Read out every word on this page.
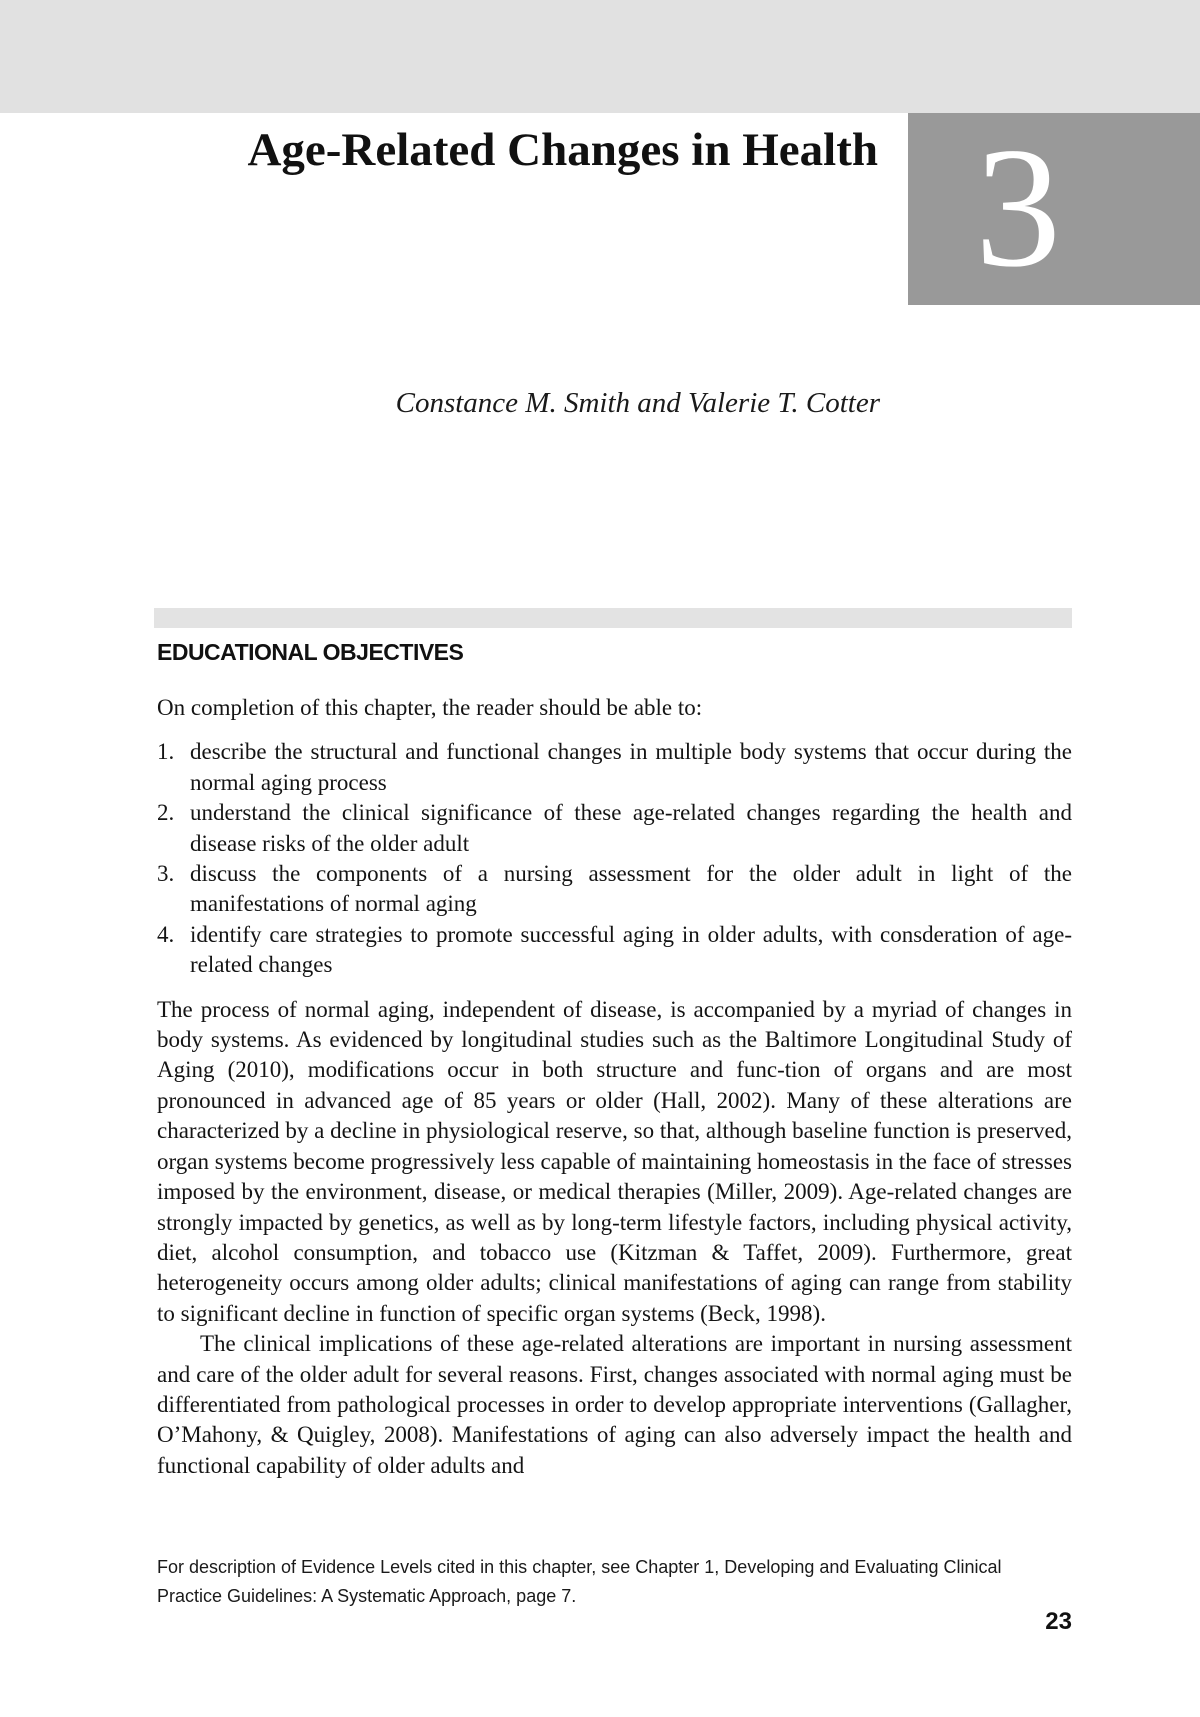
3
Age-Related Changes in Health
Constance M. Smith and Valerie T. Cotter
EDUCATIONAL OBJECTIVES

On completion of this chapter, the reader should be able to:

1. describe the structural and functional changes in multiple body systems that occur during the normal aging process
2. understand the clinical significance of these age-related changes regarding the health and disease risks of the older adult
3. discuss the components of a nursing assessment for the older adult in light of the manifestations of normal aging
4. identify care strategies to promote successful aging in older adults, with consderation of age-related changes

The process of normal aging, independent of disease, is accompanied by a myriad of changes in body systems. As evidenced by longitudinal studies such as the Baltimore Longitudinal Study of Aging (2010), modifications occur in both structure and func-tion of organs and are most pronounced in advanced age of 85 years or older (Hall, 2002). Many of these alterations are characterized by a decline in physiological reserve, so that, although baseline function is preserved, organ systems become progressively less capable of maintaining homeostasis in the face of stresses imposed by the environment, disease, or medical therapies (Miller, 2009). Age-related changes are strongly impacted by genetics, as well as by long-term lifestyle factors, including physical activity, diet, alcohol consumption, and tobacco use (Kitzman & Taffet, 2009). Furthermore, great heterogeneity occurs among older adults; clinical manifestations of aging can range from stability to significant decline in function of specific organ systems (Beck, 1998).

The clinical implications of these age-related alterations are important in nursing assessment and care of the older adult for several reasons. First, changes associated with normal aging must be differentiated from pathological processes in order to develop appropriate interventions (Gallagher, O’Mahony, & Quigley, 2008). Manifestations of aging can also adversely impact the health and functional capability of older adults and

For description of Evidence Levels cited in this chapter, see Chapter 1, Developing and Evaluating Clinical Practice Guidelines: A Systematic Approach, page 7.
23
